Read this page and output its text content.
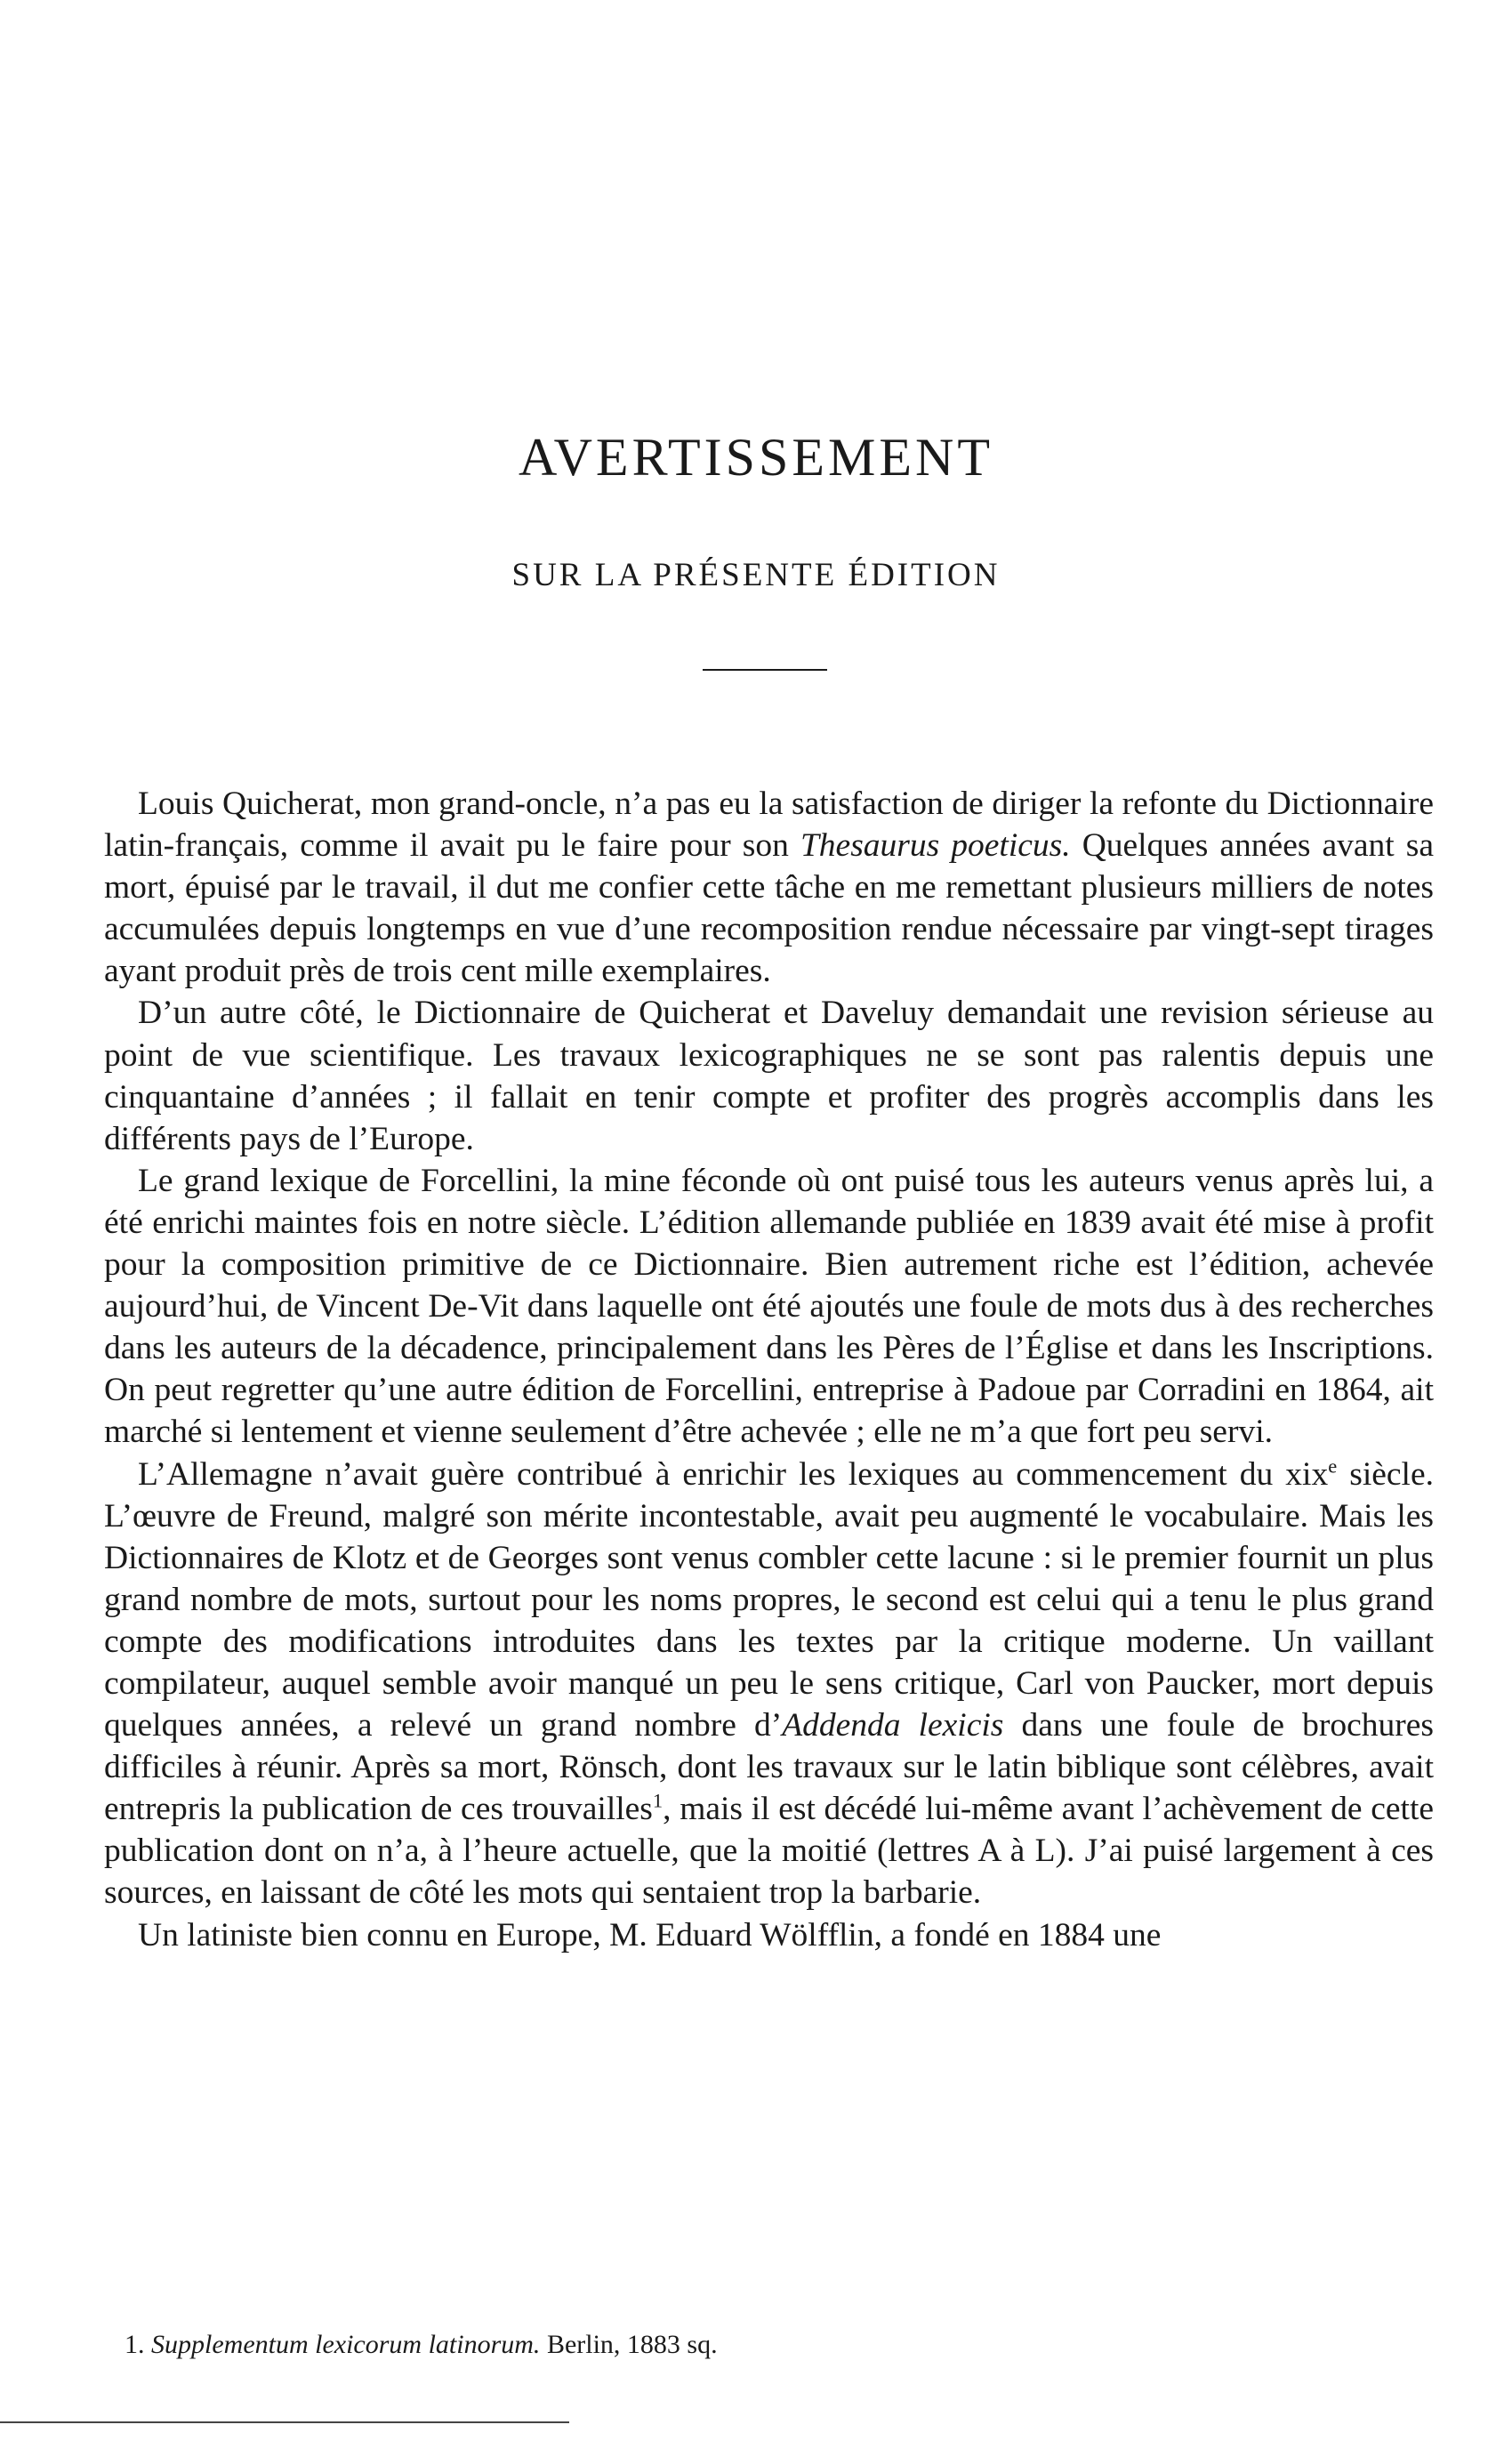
AVERTISSEMENT
SUR LA PRÉSENTE ÉDITION

Louis Quicherat, mon grand-oncle, n’a pas eu la satisfaction de diriger la refonte du Dictionnaire latin-français, comme il avait pu le faire pour son Thesaurus poeticus. Quelques années avant sa mort, épuisé par le travail, il dut me confier cette tâche en me remettant plusieurs milliers de notes accumulées depuis longtemps en vue d’une recomposition rendue nécessaire par vingt-sept tirages ayant produit près de trois cent mille exemplaires.

D’un autre côté, le Dictionnaire de Quicherat et Daveluy demandait une revision sérieuse au point de vue scientifique. Les travaux lexicographiques ne se sont pas ralentis depuis une cinquantaine d’années ; il fallait en tenir compte et profiter des progrès accomplis dans les différents pays de l’Europe.

Le grand lexique de Forcellini, la mine féconde où ont puisé tous les auteurs venus après lui, a été enrichi maintes fois en notre siècle. L’édition allemande publiée en 1839 avait été mise à profit pour la composition primitive de ce Dictionnaire. Bien autrement riche est l’édition, achevée aujourd’hui, de Vincent De-Vit dans laquelle ont été ajoutés une foule de mots dus à des recherches dans les auteurs de la décadence, principalement dans les Pères de l’Église et dans les Inscriptions. On peut regretter qu’une autre édition de Forcellini, entreprise à Padoue par Corradini en 1864, ait marché si lentement et vienne seulement d’être achevée ; elle ne m’a que fort peu servi.

L’Allemagne n’avait guère contribué à enrichir les lexiques au commencement du xix$^e$ siècle. L’œuvre de Freund, malgré son mérite incontestable, avait peu augmenté le vocabulaire. Mais les Dictionnaires de Klotz et de Georges sont venus combler cette lacune : si le premier fournit un plus grand nombre de mots, surtout pour les noms propres, le second est celui qui a tenu le plus grand compte des modifications introduites dans les textes par la critique moderne. Un vaillant compilateur, auquel semble avoir manqué un peu le sens critique, Carl von Paucker, mort depuis quelques années, a relevé un grand nombre d’Addenda lexicis dans une foule de brochures difficiles à réunir. Après sa mort, Rönsch, dont les travaux sur le latin biblique sont célèbres, avait entrepris la publication de ces trouvailles$^1$, mais il est décédé lui-même avant l’achèvement de cette publication dont on n’a, à l’heure actuelle, que la moitié (lettres A à L). J’ai puisé largement à ces sources, en laissant de côté les mots qui sentaient trop la barbarie.

Un latiniste bien connu en Europe, M. Eduard Wölfflin, a fondé en 1884 une

1. Supplementum lexicorum latinorum. Berlin, 1883 sq.
